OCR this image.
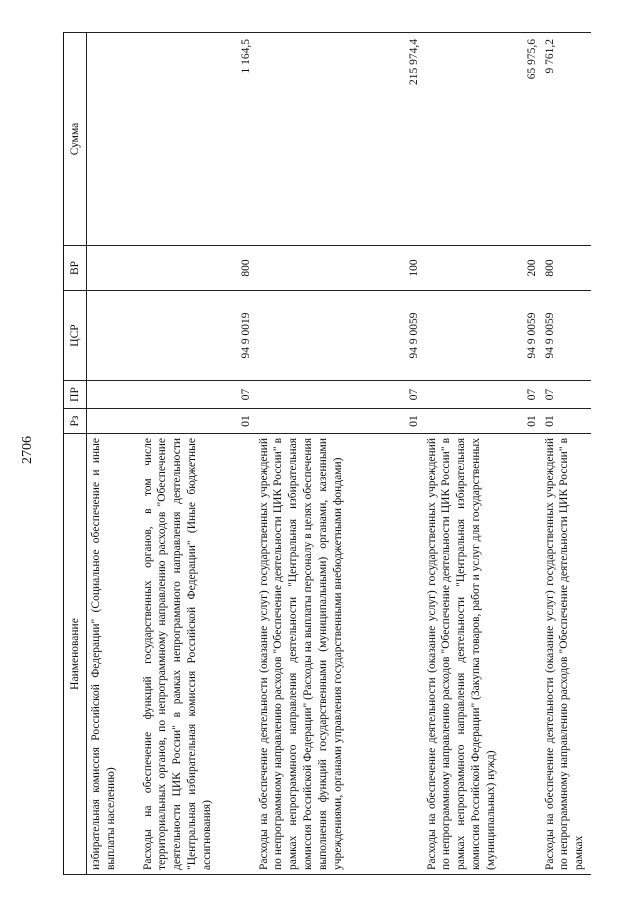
2706
Наименование	Рз	ПР	ЦСР	ВР	Сумма
избирательная комиссия Российской Федерации" (Социальное обеспечение и иные выплаты населению)					
Расходы на обеспечение функций государственных органов, в том числе территориальных органов, по непрограммному направлению расходов "Обеспечение деятельности ЦИК России" в рамках непрограммного направления деятельности "Центральная избирательная комиссия Российской Федерации" (Иные бюджетные ассигнования)	01	07	94 9 0019	800	1 164,5
Расходы на обеспечение деятельности (оказание услуг) государственных учреждений по непрограммному направлению расходов "Обеспечение деятельности ЦИК России" в рамках непрограммного направления деятельности "Центральная избирательная комиссия Российской Федерации" (Расходы на выплаты персоналу в целях обеспечения выполнения функций государственными (муниципальными) органами, казенными учреждениями, органами управления государственными внебюджетными фондами)	01	07	94 9 0059	100	215 974,4
Расходы на обеспечение деятельности (оказание услуг) государственных учреждений по непрограммному направлению расходов "Обеспечение деятельности ЦИК России" в рамках непрограммного направления деятельности "Центральная избирательная комиссия Российской Федерации" (Закупка товаров, работ и услуг для государственных (муниципальных) нужд)	01	07	94 9 0059	200	65 975,6
Расходы на обеспечение деятельности (оказание услуг) государственных учреждений по непрограммному направлению расходов "Обеспечение деятельности ЦИК России" в рамках	01	07	94 9 0059	800	9 761,2
